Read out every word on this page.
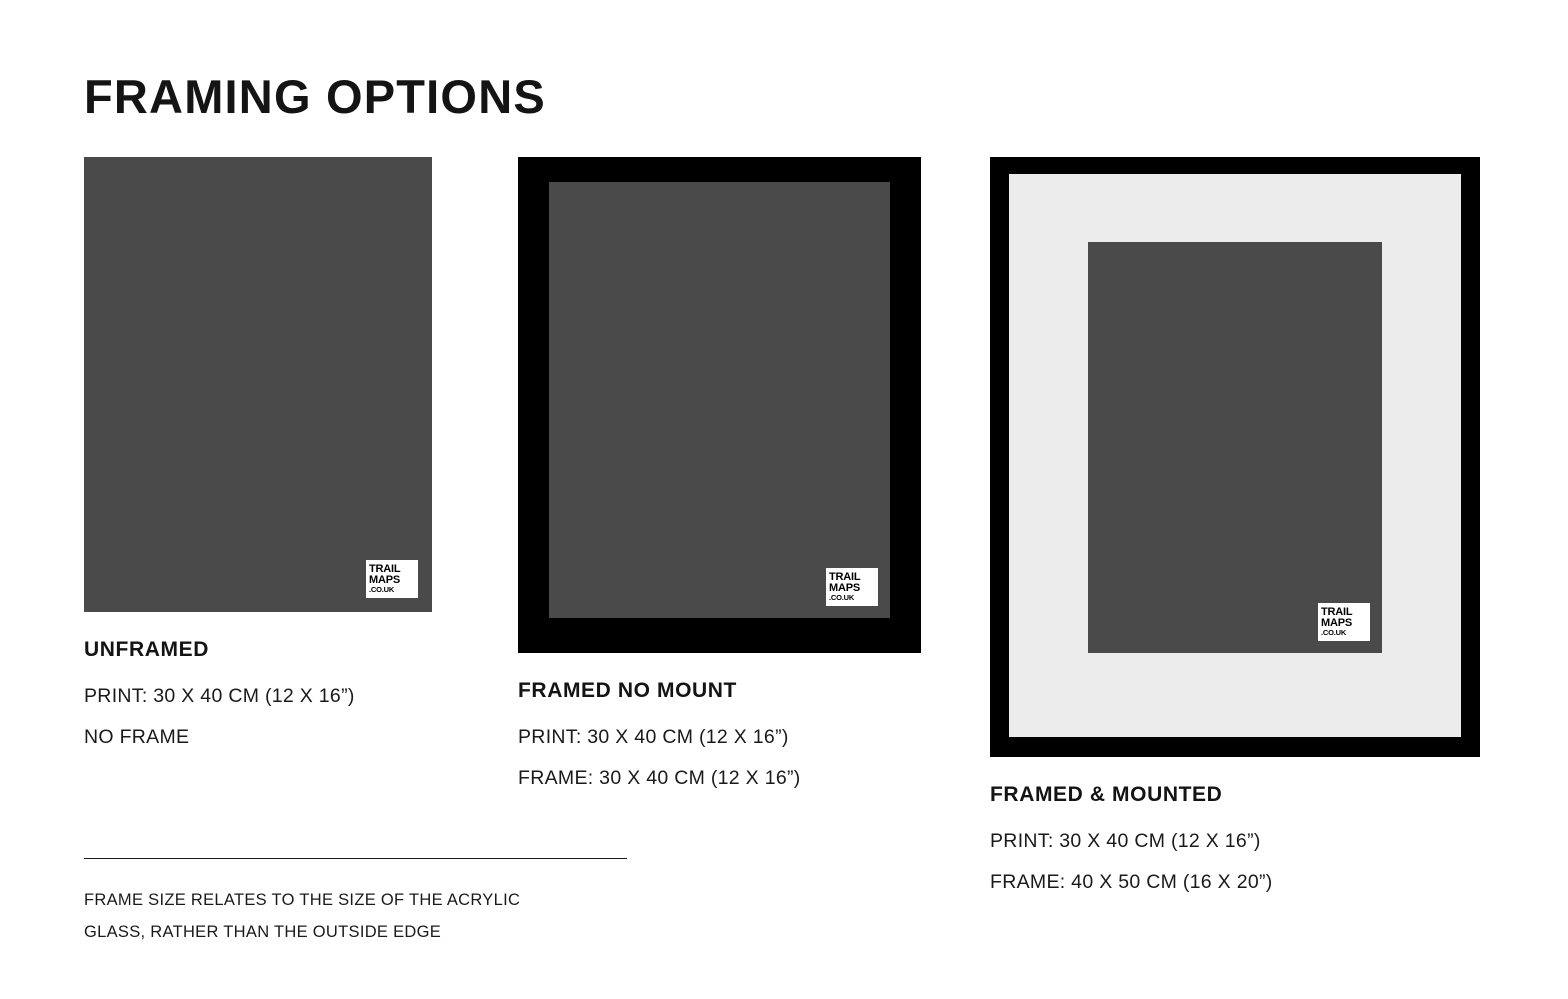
FRAMING OPTIONS
TRAIL
MAPS
.CO.UK
UNFRAMED

PRINT: 30 X 40 CM (12 X 16”)

NO FRAME

TRAIL
MAPS
.CO.UK
FRAMED NO MOUNT

PRINT: 30 X 40 CM (12 X 16”)

FRAME: 30 X 40 CM (12 X 16”)

TRAIL
MAPS
.CO.UK
FRAMED & MOUNTED

PRINT: 30 X 40 CM (12 X 16”)

FRAME: 40 X 50 CM (16 X 20”)

FRAME SIZE RELATES TO THE SIZE OF THE ACRYLIC
GLASS, RATHER THAN THE OUTSIDE EDGE
